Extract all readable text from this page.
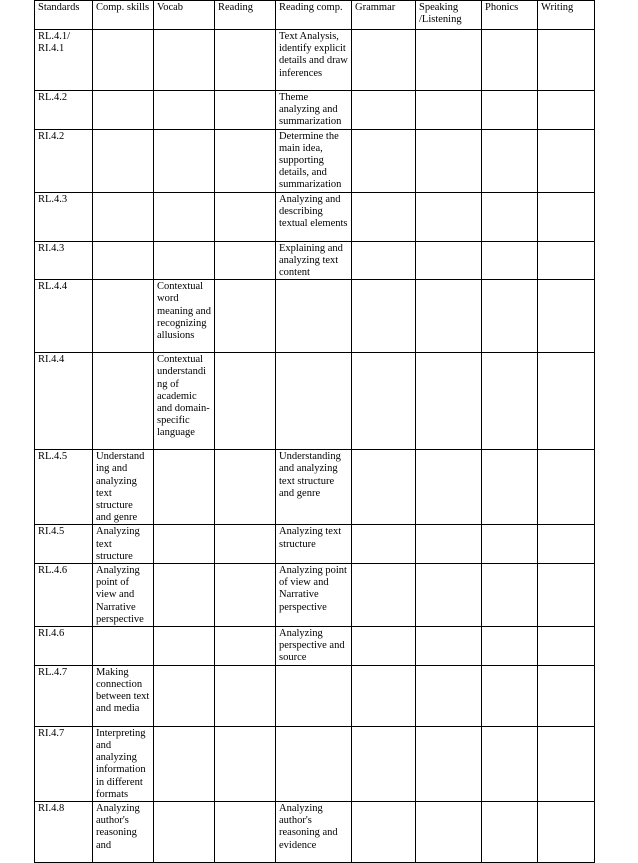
Standards	Comp. skills	Vocab	Reading	Reading comp.	Grammar	Speaking /Listening	Phonics	Writing
RL.4.1/ RI.4.1				Text Analysis, identify explicit details and draw inferences				
RL.4.2				Theme analyzing and summarization				
RI.4.2				Determine the main idea, supporting details, and summarization				
RL.4.3				Analyzing and describing textual elements				
RI.4.3				Explaining and analyzing text content				
RL.4.4		Contextual word meaning and recognizing allusions						
RI.4.4		Contextual understandi ng of academic and domain- specific language						
RL.4.5	Understand ing and analyzing text structure and genre			Understanding and analyzing text structure and genre				
RI.4.5	Analyzing text structure			Analyzing text structure				
RL.4.6	Analyzing point of view and Narrative perspective			Analyzing point of view and Narrative perspective				
RI.4.6				Analyzing perspective and source				
RL.4.7	Making connection between text and media							
RI.4.7	Interpreting and analyzing information in different formats							
RI.4.8	Analyzing author's reasoning and			Analyzing author's reasoning and evidence				
